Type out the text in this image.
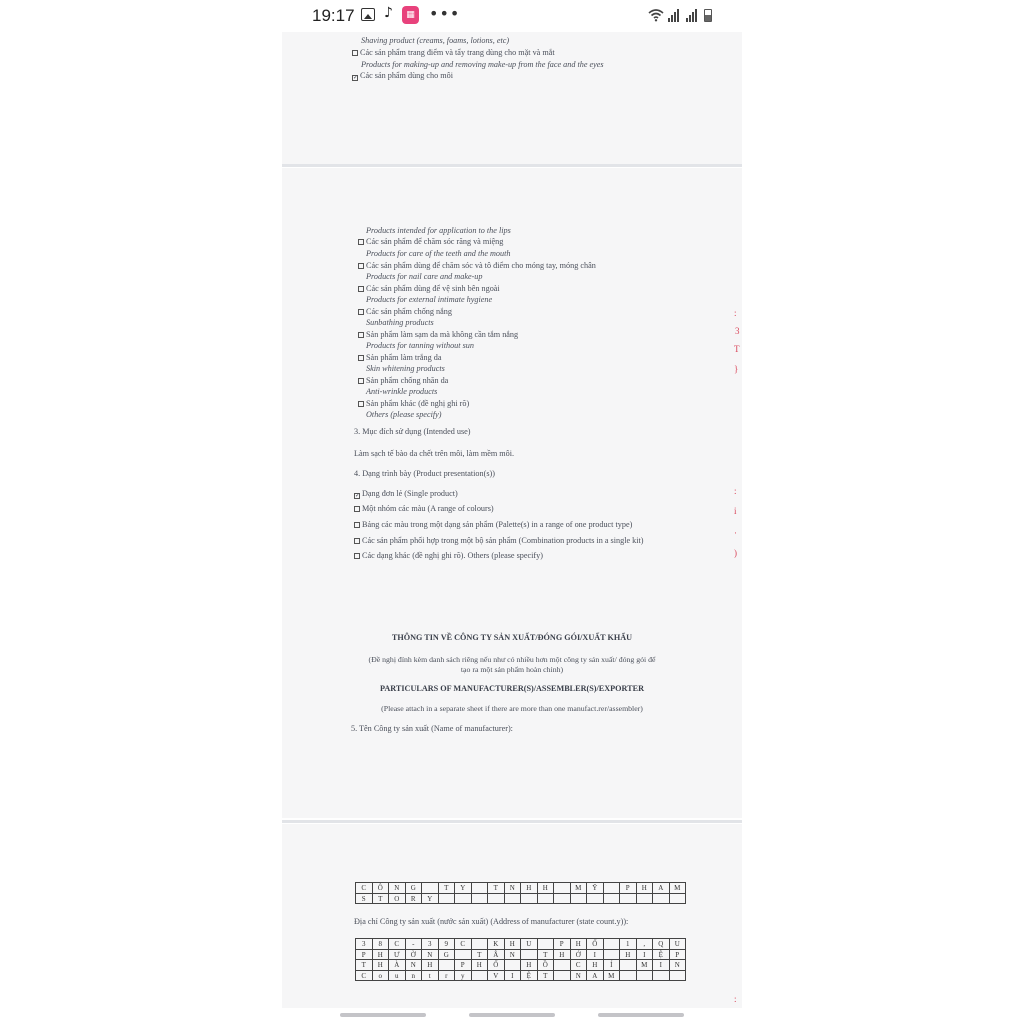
19:17 ♪	▦ •••
Shaving product (creams, foams, lotions, etc)
Các sản phẩm trang điểm và tẩy trang dùng cho mặt và mắt
Products for making-up and removing make-up from the face and the eyes
✓ Các sản phẩm dùng cho môi
Products intended for application to the lips
Các sản phẩm để chăm sóc răng và miệng
Products for care of the teeth and the mouth
Các sản phẩm dùng để chăm sóc và tô điểm cho móng tay, móng chân
Products for nail care and make-up
Các sản phẩm dùng để vệ sinh bên ngoài
Products for external intimate hygiene
Các sản phẩm chống nắng
Sunbathing products
Sản phẩm làm sạm da mà không cần tắm nắng
Products for tanning without sun
Sản phẩm làm trắng da
Skin whitening products
Sản phẩm chống nhăn da
Anti-wrinkle products
Sản phẩm khác (đề nghị ghi rõ)
Others (please specify)
3. Mục đích sử dụng (Intended use)
Làm sạch tế bào da chết trên môi, làm mềm môi.
4. Dạng trình bày (Product presentation(s))
✓ Dạng đơn lẻ (Single product)
Một nhóm các màu (A range of colours)
Bảng các màu trong một dạng sản phẩm (Palette(s) in a range of one product type)
Các sản phẩm phối hợp trong một bộ sản phẩm (Combination products in a single kit)
Các dạng khác (đề nghị ghi rõ). Others (please specify)
THÔNG TIN VỀ CÔNG TY SẢN XUẤT/ĐÓNG GÓI/XUẤT KHẨU
(Đề nghị đính kèm danh sách riêng nếu như có nhiều hơn một công ty sản xuất/ đóng gói để
tạo ra một sản phẩm hoàn chỉnh)
PARTICULARS OF MANUFACTURER(S)/ASSEMBLER(S)/EXPORTER
(Please attach in a separate sheet if there are more than one manufact.rer/assembler)
5. Tên Công ty sản xuất (Name of manufacturer):
:
3
T
}
:
i
·
)
C	Ô	N	G	T	Y	T	N	H	H	M	Ỹ	P	H	A	M
S	T	O	R	Y
Địa chỉ Công ty sản xuất (nước sản xuất) (Address of manufacturer (state count.y)):
3	8	C	-	3	9	C	K	H	U	P	H	Ố	1	,	Q	U
P	H	Ư	Ờ	N	G	T	Â	N	T	H	Ớ	I	H	I	Ệ	P
T	H	À	N	H	P	H	Ố	H	Ồ	C	H	Í	M	I	N
C	o	u	n	t	r	y	V	I	Ệ	T	N	A	M
:
